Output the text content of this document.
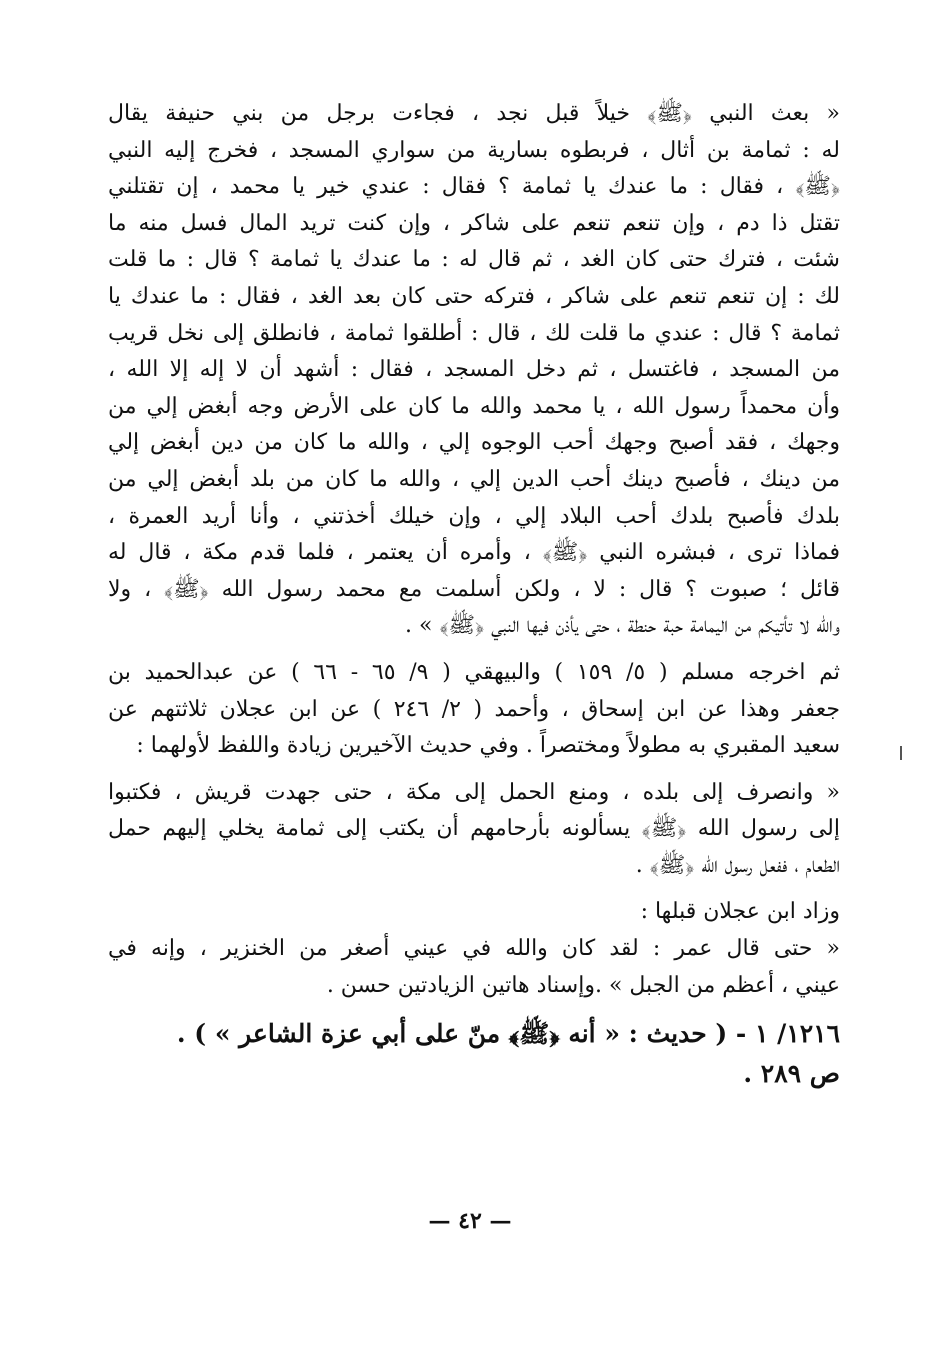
« بعث النبي ﴿ﷺ﴾ خيلاً قبل نجد ، فجاءت برجل من بني حنيفة يقال
له : ثمامة بن أثال ، فربطوه بسارية من سواري المسجد ، فخرج إليه النبي
﴿ﷺ﴾ ، فقال : ما عندك يا ثمامة ؟ فقال : عندي خير يا محمد ، إن تقتلني
تقتل ذا دم ، وإن تنعم تنعم على شاكر ، وإن كنت تريد المال فسل منه ما
شئت ، فترك حتى كان الغد ، ثم قال له : ما عندك يا ثمامة ؟ قال : ما قلت
لك : إن تنعم تنعم على شاكر ، فتركه حتى كان بعد الغد ، فقال : ما عندك يا
ثمامة ؟ قال : عندي ما قلت لك ، قال : أطلقوا ثمامة ، فانطلق إلى نخل قريب
من المسجد ، فاغتسل ، ثم دخل المسجد ، فقال : أشهد أن لا إله إلا الله ،
وأن محمداً رسول الله ، يا محمد والله ما كان على الأرض وجه أبغض إلي من
وجهك ، فقد أصبح وجهك أحب الوجوه إلي ، والله ما كان من دين أبغض إلي
من دينك ، فأصبح دينك أحب الدين إلي ، والله ما كان من بلد أبغض إلي من
بلدك فأصبح بلدك أحب البلاد إلي ، وإن خيلك أخذتني ، وأنا أريد العمرة ،
فماذا ترى ، فبشره النبي ﴿ﷺ﴾ ، وأمره أن يعتمر ، فلما قدم مكة ، قال له
قائل ؛ صبوت ؟ قال : لا ، ولكن أسلمت مع محمد رسول الله ﴿ﷺ﴾ ، ولا
والله لا تأتيكم من اليمامة حبة حنطة ، حتى يأذن فيها النبي ﴿ﷺ﴾ » .
ثم اخرجه مسلم ( ٥/ ١٥٩ ) والبيهقي ( ٩/ ٦٥ - ٦٦ ) عن عبدالحميد بن
جعفر وهذا عن ابن إسحاق ، وأحمد ( ٢/ ٢٤٦ ) عن ابن عجلان ثلاثتهم عن
سعيد المقبري به مطولاً ومختصراً . وفي حديث الآخيرين زيادة واللفظ لأولهما :
« وانصرف إلى بلده ، ومنع الحمل إلى مكة ، حتى جهدت قريش ، فكتبوا
إلى رسول الله ﴿ﷺ﴾ يسألونه بأرحامهم أن يكتب إلى ثمامة يخلي إليهم حمل
الطعام ، ففعل رسول الله ﴿ﷺ﴾ .
وزاد ابن عجلان قبلها :
« حتى قال عمر : لقد كان والله في عيني أصغر من الخنزير ، وإنه في
عيني ، أعظم من الجبل » .وإسناد هاتين الزيادتين حسن .
١٢١٦/ ١ - ( حديث : « أنه ﴿ﷺ﴾ منّ على أبي عزة الشاعر » ) .
ص ٢٨٩ .
— ٤٢ —
